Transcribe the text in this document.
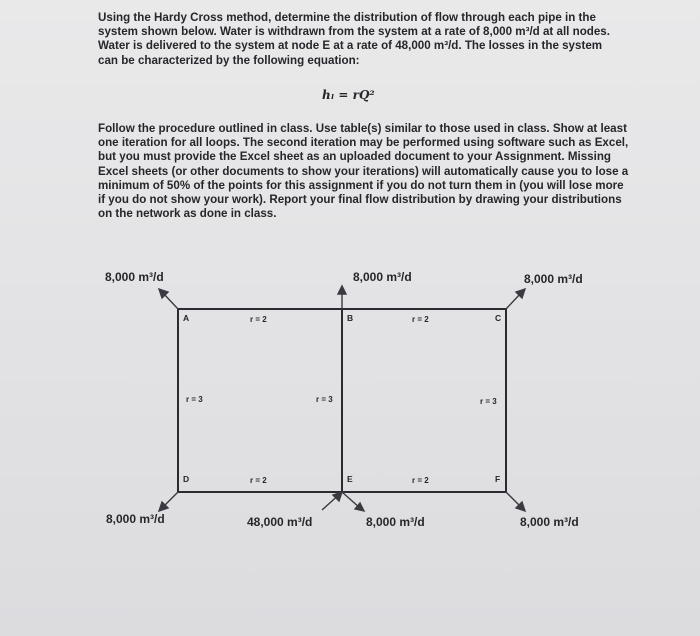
Using the Hardy Cross method, determine the distribution of flow through each pipe in the
system shown below. Water is withdrawn from the system at a rate of 8,000 m³/d at all nodes.
Water is delivered to the system at node E at a rate of 48,000 m³/d. The losses in the system
can be characterized by the following equation:
hₗ = rQ²
Follow the procedure outlined in class. Use table(s) similar to those used in class. Show at least
one iteration for all loops. The second iteration may be performed using software such as Excel,
but you must provide the Excel sheet as an uploaded document to your Assignment. Missing
Excel sheets (or other documents to show your iterations) will automatically cause you to lose a
minimum of 50% of the points for this assignment if you do not turn them in (you will lose more
if you do not show your work). Report your final flow distribution by drawing your distributions
on the network as done in class.
A	B	C
D	E	F
r = 2	r = 2
r = 3	r = 3	r = 3
r = 2	r = 2
8,000 m³/d	8,000 m³/d	8,000 m³/d
8,000 m³/d	48,000 m³/d	8,000 m³/d	8,000 m³/d
